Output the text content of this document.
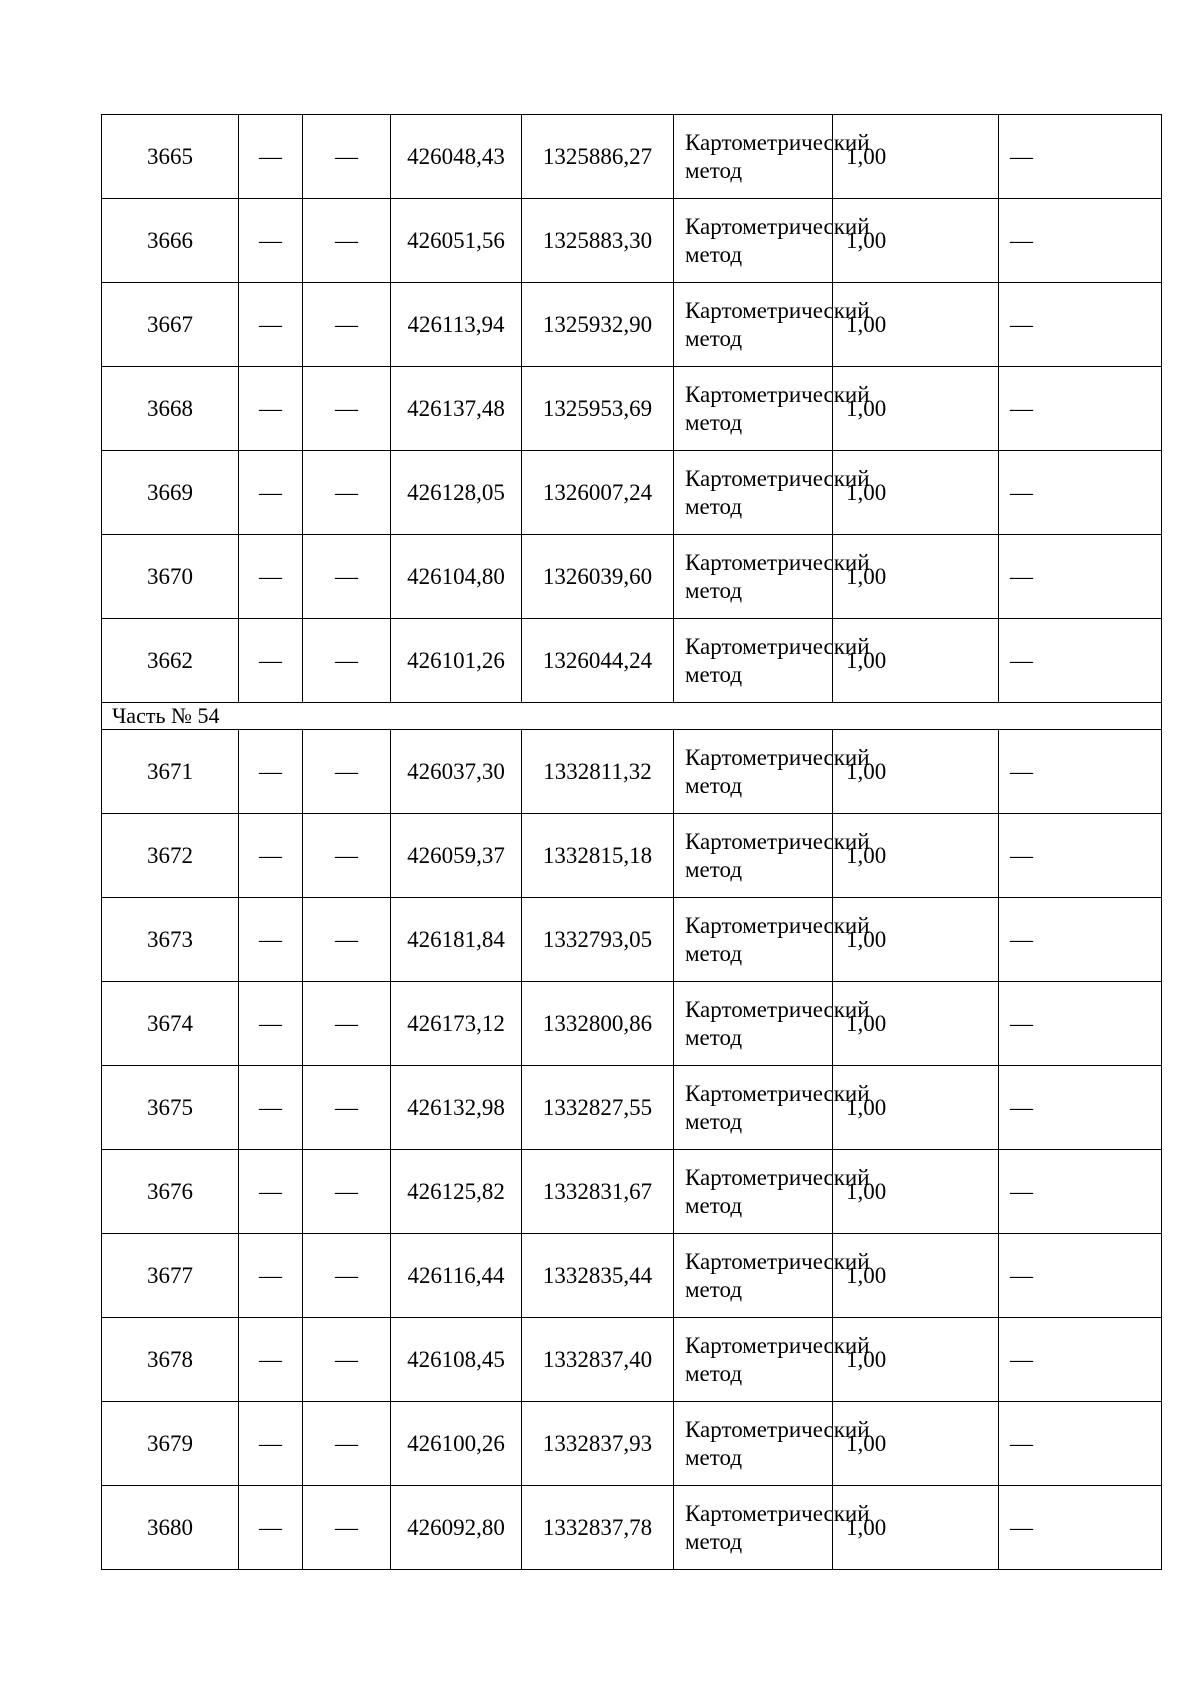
3665	—	—	426048,43	1325886,27	Картометрический метод	1,00	—
3666	—	—	426051,56	1325883,30	Картометрический метод	1,00	—
3667	—	—	426113,94	1325932,90	Картометрический метод	1,00	—
3668	—	—	426137,48	1325953,69	Картометрический метод	1,00	—
3669	—	—	426128,05	1326007,24	Картометрический метод	1,00	—
3670	—	—	426104,80	1326039,60	Картометрический метод	1,00	—
3662	—	—	426101,26	1326044,24	Картометрический метод	1,00	—
Часть № 54							
3671	—	—	426037,30	1332811,32	Картометрический метод	1,00	—
3672	—	—	426059,37	1332815,18	Картометрический метод	1,00	—
3673	—	—	426181,84	1332793,05	Картометрический метод	1,00	—
3674	—	—	426173,12	1332800,86	Картометрический метод	1,00	—
3675	—	—	426132,98	1332827,55	Картометрический метод	1,00	—
3676	—	—	426125,82	1332831,67	Картометрический метод	1,00	—
3677	—	—	426116,44	1332835,44	Картометрический метод	1,00	—
3678	—	—	426108,45	1332837,40	Картометрический метод	1,00	—
3679	—	—	426100,26	1332837,93	Картометрический метод	1,00	—
3680	—	—	426092,80	1332837,78	Картометрический метод	1,00	—
